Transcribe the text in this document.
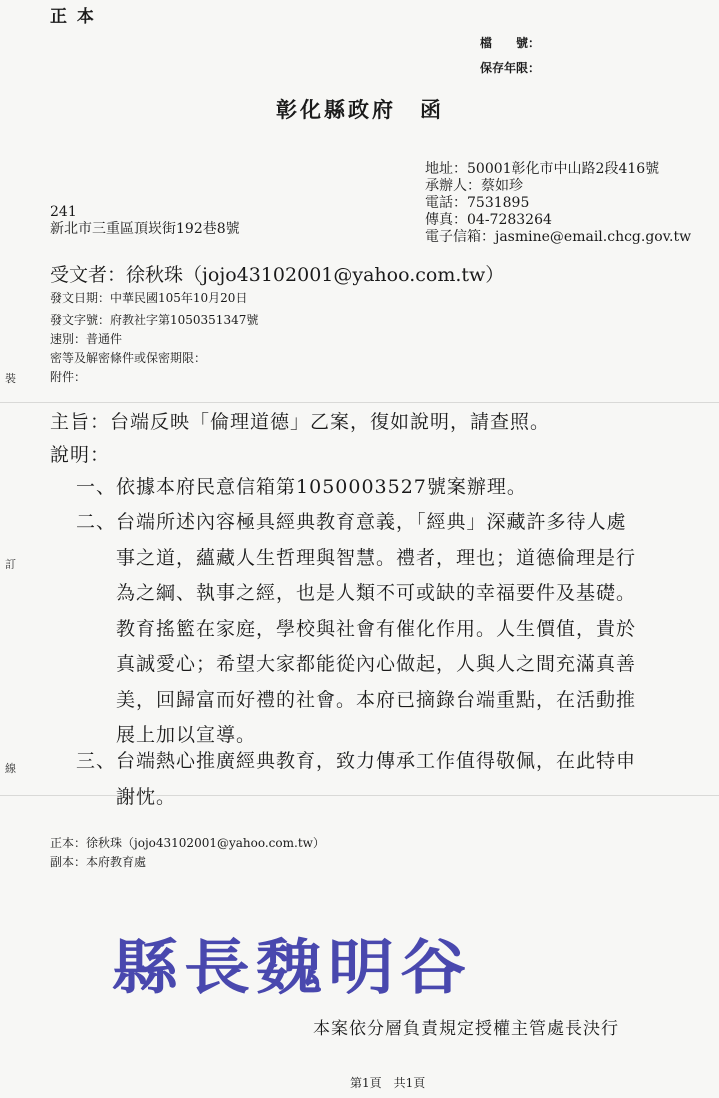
裝
訂
線
正 本
檔　　號：
保存年限：
彰化縣政府　函
地址：50001彰化市中山路2段416號
承辦人：蔡如珍
電話：7531895
傳真：04-7283264
電子信箱：jasmine@email.chcg.gov.tw
241
新北市三重區頂崁街192巷8號
受文者：徐秋珠（jojo43102001@yahoo.com.tw）
發文日期：中華民國105年10月20日
發文字號：府教社字第1050351347號
速別：普通件
密等及解密條件或保密期限：
附件：
主旨：台端反映「倫理道德」乙案，復如說明，請查照。
說明：
一、依據本府民意信箱第1050003527號案辦理。
二、台端所述內容極具經典教育意義，「經典」深藏許多待人處
事之道，蘊藏人生哲理與智慧。禮者，理也；道德倫理是行
為之綱、執事之經，也是人類不可或缺的幸福要件及基礎。
教育搖籃在家庭，學校與社會有催化作用。人生價值，貴於
真誠愛心；希望大家都能從內心做起，人與人之間充滿真善
美，回歸富而好禮的社會。本府已摘錄台端重點，在活動推
展上加以宣導。
三、台端熱心推廣經典教育，致力傳承工作值得敬佩，在此特申
謝忱。
正本：徐秋珠（jojo43102001@yahoo.com.tw）
副本：本府教育處
縣長魏明谷
本案依分層負責規定授權主管處長決行
第1頁　共1頁
